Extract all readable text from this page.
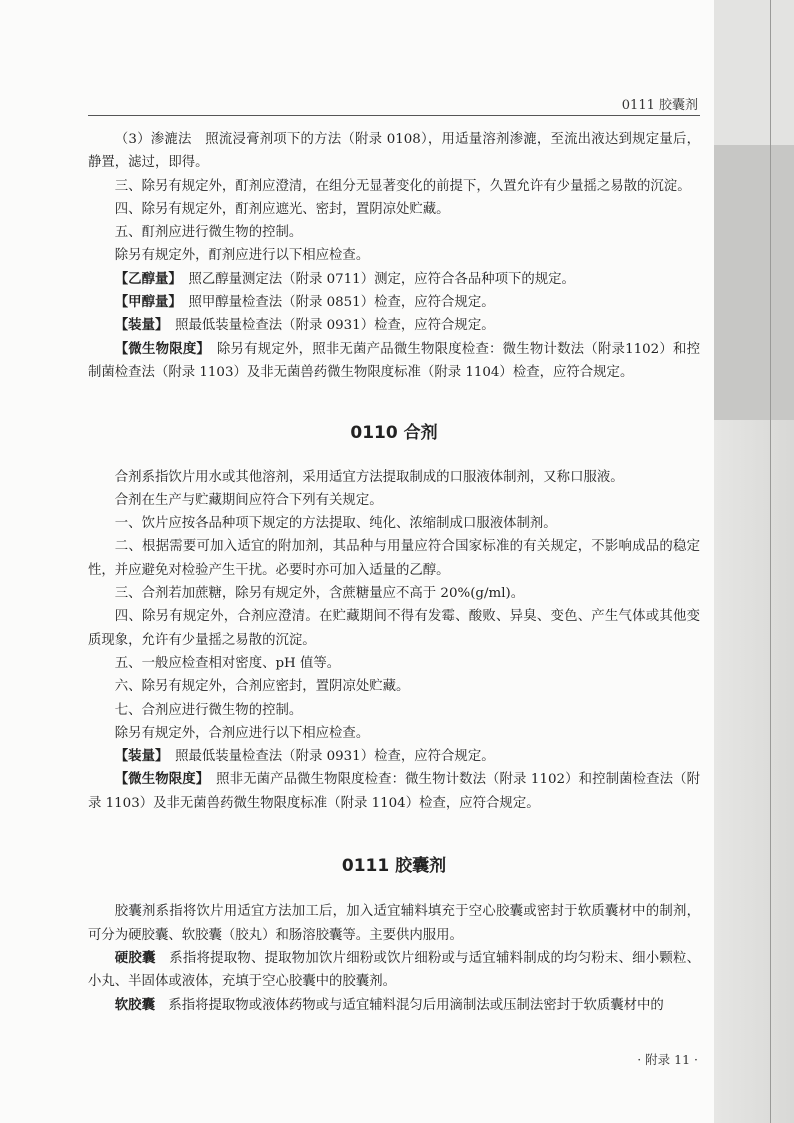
0111 胶囊剂

（3）渗漉法　照流浸膏剂项下的方法（附录 0108），用适量溶剂渗漉，至流出液达到规定量后，静置，滤过，即得。

三、除另有规定外，酊剂应澄清，在组分无显著变化的前提下，久置允许有少量摇之易散的沉淀。

四、除另有规定外，酊剂应遮光、密封，置阴凉处贮藏。

五、酊剂应进行微生物的控制。

除另有规定外，酊剂应进行以下相应检查。

【乙醇量】　 照乙醇量测定法（附录 0711）测定，应符合各品种项下的规定。

【甲醇量】　 照甲醇量检查法（附录 0851）检查，应符合规定。

【装量】　 照最低装量检查法（附录 0931）检查，应符合规定。

【微生物限度】　 除另有规定外，照非无菌产品微生物限度检查：微生物计数法（附录1102）和控制菌检查法（附录 1103）及非无菌兽药微生物限度标准（附录 1104）检查，应符合规定。

0110 合剂

合剂系指饮片用水或其他溶剂，采用适宜方法提取制成的口服液体制剂，又称口服液。

合剂在生产与贮藏期间应符合下列有关规定。

一、饮片应按各品种项下规定的方法提取、纯化、浓缩制成口服液体制剂。

二、根据需要可加入适宜的附加剂，其品种与用量应符合国家标准的有关规定，不影响成品的稳定性，并应避免对检验产生干扰。必要时亦可加入适量的乙醇。

三、合剂若加蔗糖，除另有规定外，含蔗糖量应不高于 20%(g/ml)。

四、除另有规定外，合剂应澄清。在贮藏期间不得有发霉、酸败、异臭、变色、产生气体或其他变质现象，允许有少量摇之易散的沉淀。

五、一般应检查相对密度、pH 值等。

六、除另有规定外，合剂应密封，置阴凉处贮藏。

七、合剂应进行微生物的控制。

除另有规定外，合剂应进行以下相应检查。

【装量】　 照最低装量检查法（附录 0931）检查，应符合规定。

【微生物限度】　 照非无菌产品微生物限度检查：微生物计数法（附录 1102）和控制菌检查法（附录 1103）及非无菌兽药微生物限度标准（附录 1104）检查，应符合规定。

0111 胶囊剂

胶囊剂系指将饮片用适宜方法加工后，加入适宜辅料填充于空心胶囊或密封于软质囊材中的制剂，可分为硬胶囊、软胶囊（胶丸）和肠溶胶囊等。主要供内服用。

硬胶囊　 系指将提取物、提取物加饮片细粉或饮片细粉或与适宜辅料制成的均匀粉末、细小颗粒、小丸、半固体或液体，充填于空心胶囊中的胶囊剂。

软胶囊　 系指将提取物或液体药物或与适宜辅料混匀后用滴制法或压制法密封于软质囊材中的

· 附录 11 ·
